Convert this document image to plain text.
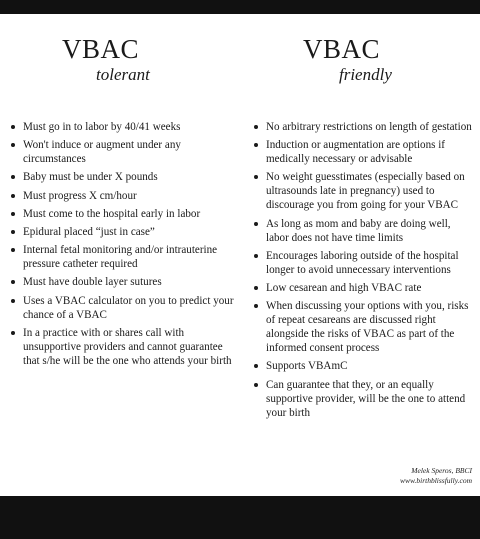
VBAC
tolerant
Must go in to labor by 40/41 weeks
Won't induce or augment under any circumstances
Baby must be under X pounds
Must progress X cm/hour
Must come to the hospital early in labor
Epidural placed “just in case”
Internal fetal monitoring and/or intrauterine pressure catheter required
Must have double layer sutures
Uses a VBAC calculator on you to predict your chance of a VBAC
In a practice with or shares call with unsupportive providers and cannot guarantee that s/he will be the one who attends your birth
VBAC
friendly
No arbitrary restrictions on length of gestation
Induction or augmentation are options if medically necessary or advisable
No weight guesstimates (especially based on ultrasounds late in pregnancy) used to discourage you from going for your VBAC
As long as mom and baby are doing well, labor does not have time limits
Encourages laboring outside of the hospital longer to avoid unnecessary interventions
Low cesarean and high VBAC rate
When discussing your options with you, risks of repeat cesareans are discussed right alongside the risks of VBAC as part of the informed consent process
Supports VBAmC
Can guarantee that they, or an equally supportive provider, will be the one to attend your birth
Melek Speros, BBCI
www.birthblissfully.com
